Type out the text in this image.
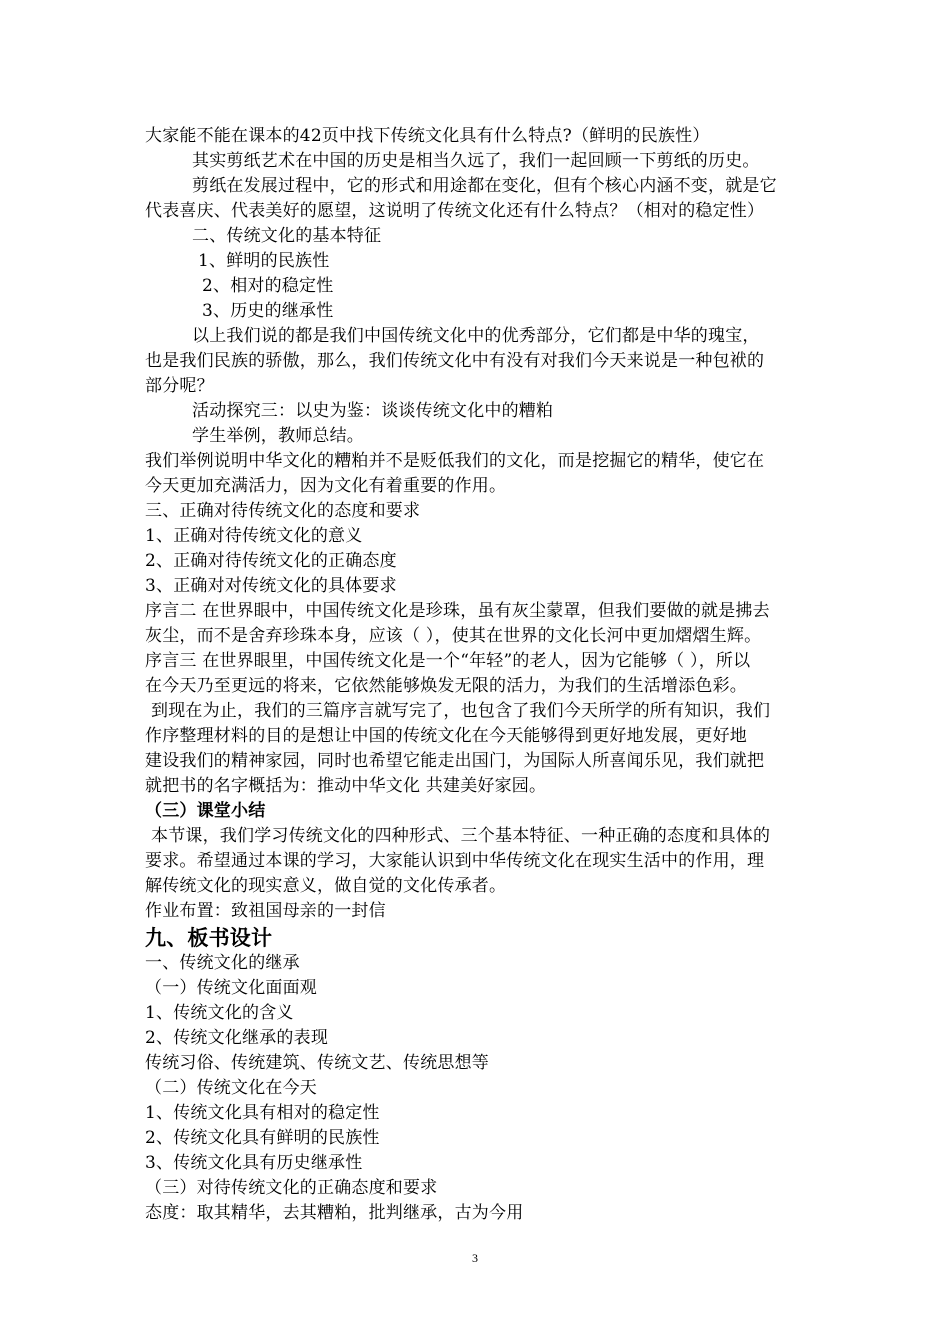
大家能不能在课本的42页中找下传统文化具有什么特点?（鲜明的民族性）
其实剪纸艺术在中国的历史是相当久远了，我们一起回顾一下剪纸的历史。
剪纸在发展过程中，它的形式和用途都在变化，但有个核心内涵不变，就是它
代表喜庆、代表美好的愿望，这说明了传统文化还有什么特点？（相对的稳定性）
二、传统文化的基本特征
1、鲜明的民族性
2、相对的稳定性
3、历史的继承性
以上我们说的都是我们中国传统文化中的优秀部分，它们都是中华的瑰宝，
也是我们民族的骄傲，那么，我们传统文化中有没有对我们今天来说是一种包袱的
部分呢？
活动探究三：以史为鉴：谈谈传统文化中的糟粕
学生举例，教师总结。
我们举例说明中华文化的糟粕并不是贬低我们的文化，而是挖掘它的精华，使它在
今天更加充满活力，因为文化有着重要的作用。
三、正确对待传统文化的态度和要求
1、正确对待传统文化的意义
2、正确对待传统文化的正确态度
3、正确对对传统文化的具体要求
序言二 在世界眼中，中国传统文化是珍珠，虽有灰尘蒙罩，但我们要做的就是拂去
灰尘，而不是舍弃珍珠本身，应该（ ），使其在世界的文化长河中更加熠熠生辉。
序言三 在世界眼里，中国传统文化是一个“年轻”的老人，因为它能够（ ），所以
在今天乃至更远的将来，它依然能够焕发无限的活力，为我们的生活增添色彩。
到现在为止，我们的三篇序言就写完了，也包含了我们今天所学的所有知识，我们
作序整理材料的目的是想让中国的传统文化在今天能够得到更好地发展，更好地
建设我们的精神家园，同时也希望它能走出国门，为国际人所喜闻乐见，我们就把
就把书的名字概括为：推动中华文化 共建美好家园。
（三）课堂小结
本节课，我们学习传统文化的四种形式、三个基本特征、一种正确的态度和具体的
要求。希望通过本课的学习，大家能认识到中华传统文化在现实生活中的作用，理
解传统文化的现实意义，做自觉的文化传承者。
作业布置：致祖国母亲的一封信
九、板书设计
一、传统文化的继承
（一）传统文化面面观
1、传统文化的含义
2、传统文化继承的表现
传统习俗、传统建筑、传统文艺、传统思想等
（二）传统文化在今天
1、传统文化具有相对的稳定性
2、传统文化具有鲜明的民族性
3、传统文化具有历史继承性
（三）对待传统文化的正确态度和要求
态度：取其精华，去其糟粕，批判继承，古为今用
3
